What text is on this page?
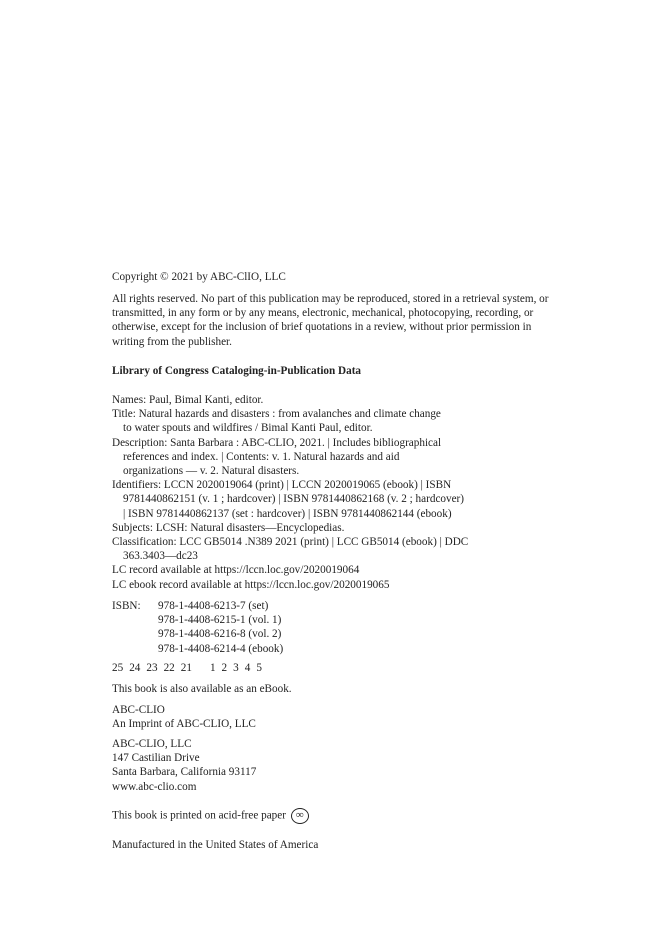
Copyright © 2021 by ABC-ClIO, LLC
All rights reserved. No part of this publication may be reproduced, stored in a retrieval system, or
transmitted, in any form or by any means, electronic, mechanical, photocopying, recording, or
otherwise, except for the inclusion of brief quotations in a review, without prior permission in
writing from the publisher.
Library of Congress Cataloging-in-Publication Data
Names: Paul, Bimal Kanti, editor.
Title: Natural hazards and disasters : from avalanches and climate change
to water spouts and wildfires / Bimal Kanti Paul, editor.
Description: Santa Barbara : ABC-CLIO, 2021. | Includes bibliographical
references and index. | Contents: v. 1. Natural hazards and aid
organizations — v. 2. Natural disasters.
Identifiers: LCCN 2020019064 (print) | LCCN 2020019065 (ebook) | ISBN
9781440862151 (v. 1 ; hardcover) | ISBN 9781440862168 (v. 2 ; hardcover)
| ISBN 9781440862137 (set : hardcover) | ISBN 9781440862144 (ebook)
Subjects: LCSH: Natural disasters—Encyclopedias.
Classification: LCC GB5014 .N389 2021 (print) | LCC GB5014 (ebook) | DDC
363.3403—dc23
LC record available at https://lccn.loc.gov/2020019064
LC ebook record available at https://lccn.loc.gov/2020019065
ISBN:	978-1-4408-6213-7 (set)
978-1-4408-6215-1 (vol. 1)
978-1-4408-6216-8 (vol. 2)
978-1-4408-6214-4 (ebook)
25 24 23 22 21 1 2 3 4 5
This book is also available as an eBook.
ABC-CLIO
An Imprint of ABC-CLIO, LLC
ABC-CLIO, LLC
147 Castilian Drive
Santa Barbara, California 93117
www.abc-clio.com
This book is printed on acid-free paper ∞
Manufactured in the United States of America
